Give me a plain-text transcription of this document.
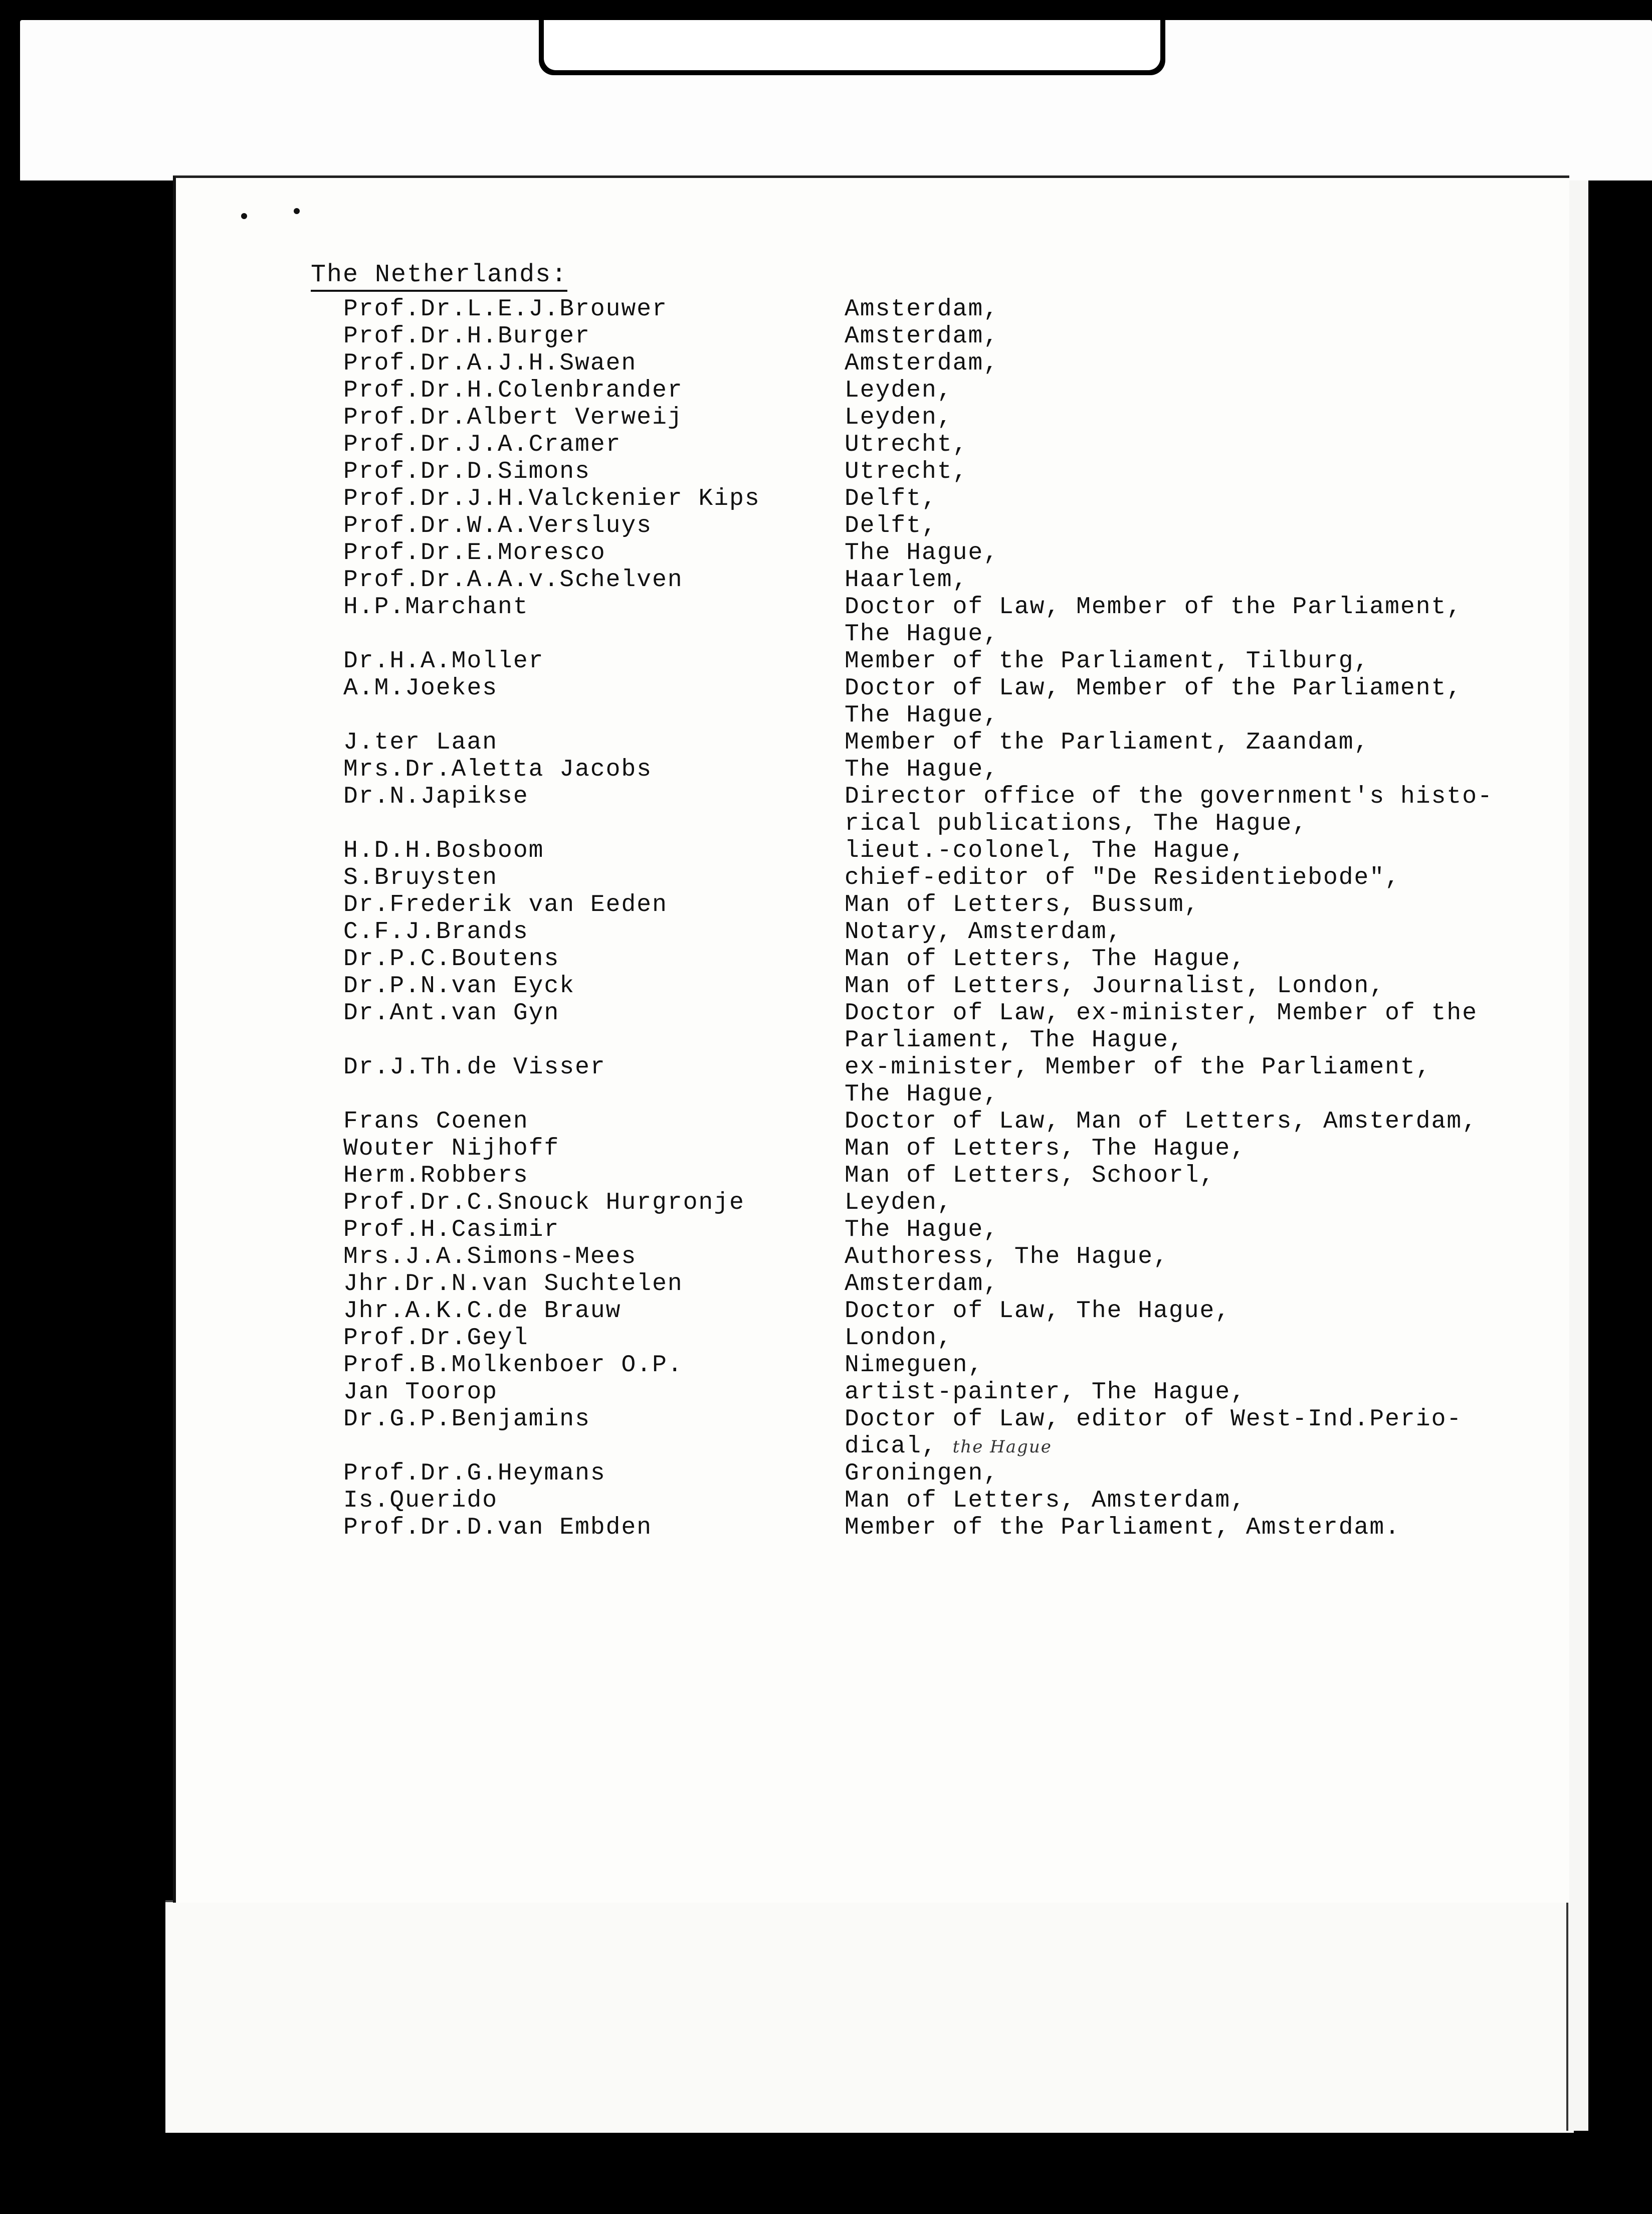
The Netherlands:
Prof.Dr.L.E.J.Brouwer
Prof.Dr.H.Burger
Prof.Dr.A.J.H.Swaen
Prof.Dr.H.Colenbrander
Prof.Dr.Albert Verweij
Prof.Dr.J.A.Cramer
Prof.Dr.D.Simons
Prof.Dr.J.H.Valckenier Kips
Prof.Dr.W.A.Versluys
Prof.Dr.E.Moresco
Prof.Dr.A.A.v.Schelven
H.P.Marchant
Dr.H.A.Moller
A.M.Joekes
J.ter Laan
Mrs.Dr.Aletta Jacobs
Dr.N.Japikse
H.D.H.Bosboom
S.Bruysten
Dr.Frederik van Eeden
C.F.J.Brands
Dr.P.C.Boutens
Dr.P.N.van Eyck
Dr.Ant.van Gyn
Dr.J.Th.de Visser
Frans Coenen
Wouter Nijhoff
Herm.Robbers
Prof.Dr.C.Snouck Hurgronje
Prof.H.Casimir
Mrs.J.A.Simons-Mees
Jhr.Dr.N.van Suchtelen
Jhr.A.K.C.de Brauw
Prof.Dr.Geyl
Prof.B.Molkenboer O.P.
Jan Toorop
Dr.G.P.Benjamins
Prof.Dr.G.Heymans
Is.Querido
Prof.Dr.D.van Embden
Amsterdam,
Amsterdam,
Amsterdam,
Leyden,
Leyden,
Utrecht,
Utrecht,
Delft,
Delft,
The Hague,
Haarlem,
Doctor of Law, Member of the Parliament,
The Hague,
Member of the Parliament, Tilburg,
Doctor of Law, Member of the Parliament,
The Hague,
Member of the Parliament, Zaandam,
The Hague,
Director office of the government's histo-
rical publications, The Hague,
lieut.-colonel, The Hague,
chief-editor of "De Residentiebode",
Man of Letters, Bussum,
Notary, Amsterdam,
Man of Letters, The Hague,
Man of Letters, Journalist, London,
Doctor of Law, ex-minister, Member of the
Parliament, The Hague,
ex-minister, Member of the Parliament,
The Hague,
Doctor of Law, Man of Letters, Amsterdam,
Man of Letters, The Hague,
Man of Letters, Schoorl,
Leyden,
The Hague,
Authoress, The Hague,
Amsterdam,
Doctor of Law, The Hague,
London,
Nimeguen,
artist-painter, The Hague,
Doctor of Law, editor of West-Ind.Perio-
dical, the Hague
Groningen,
Man of Letters, Amsterdam,
Member of the Parliament, Amsterdam.
